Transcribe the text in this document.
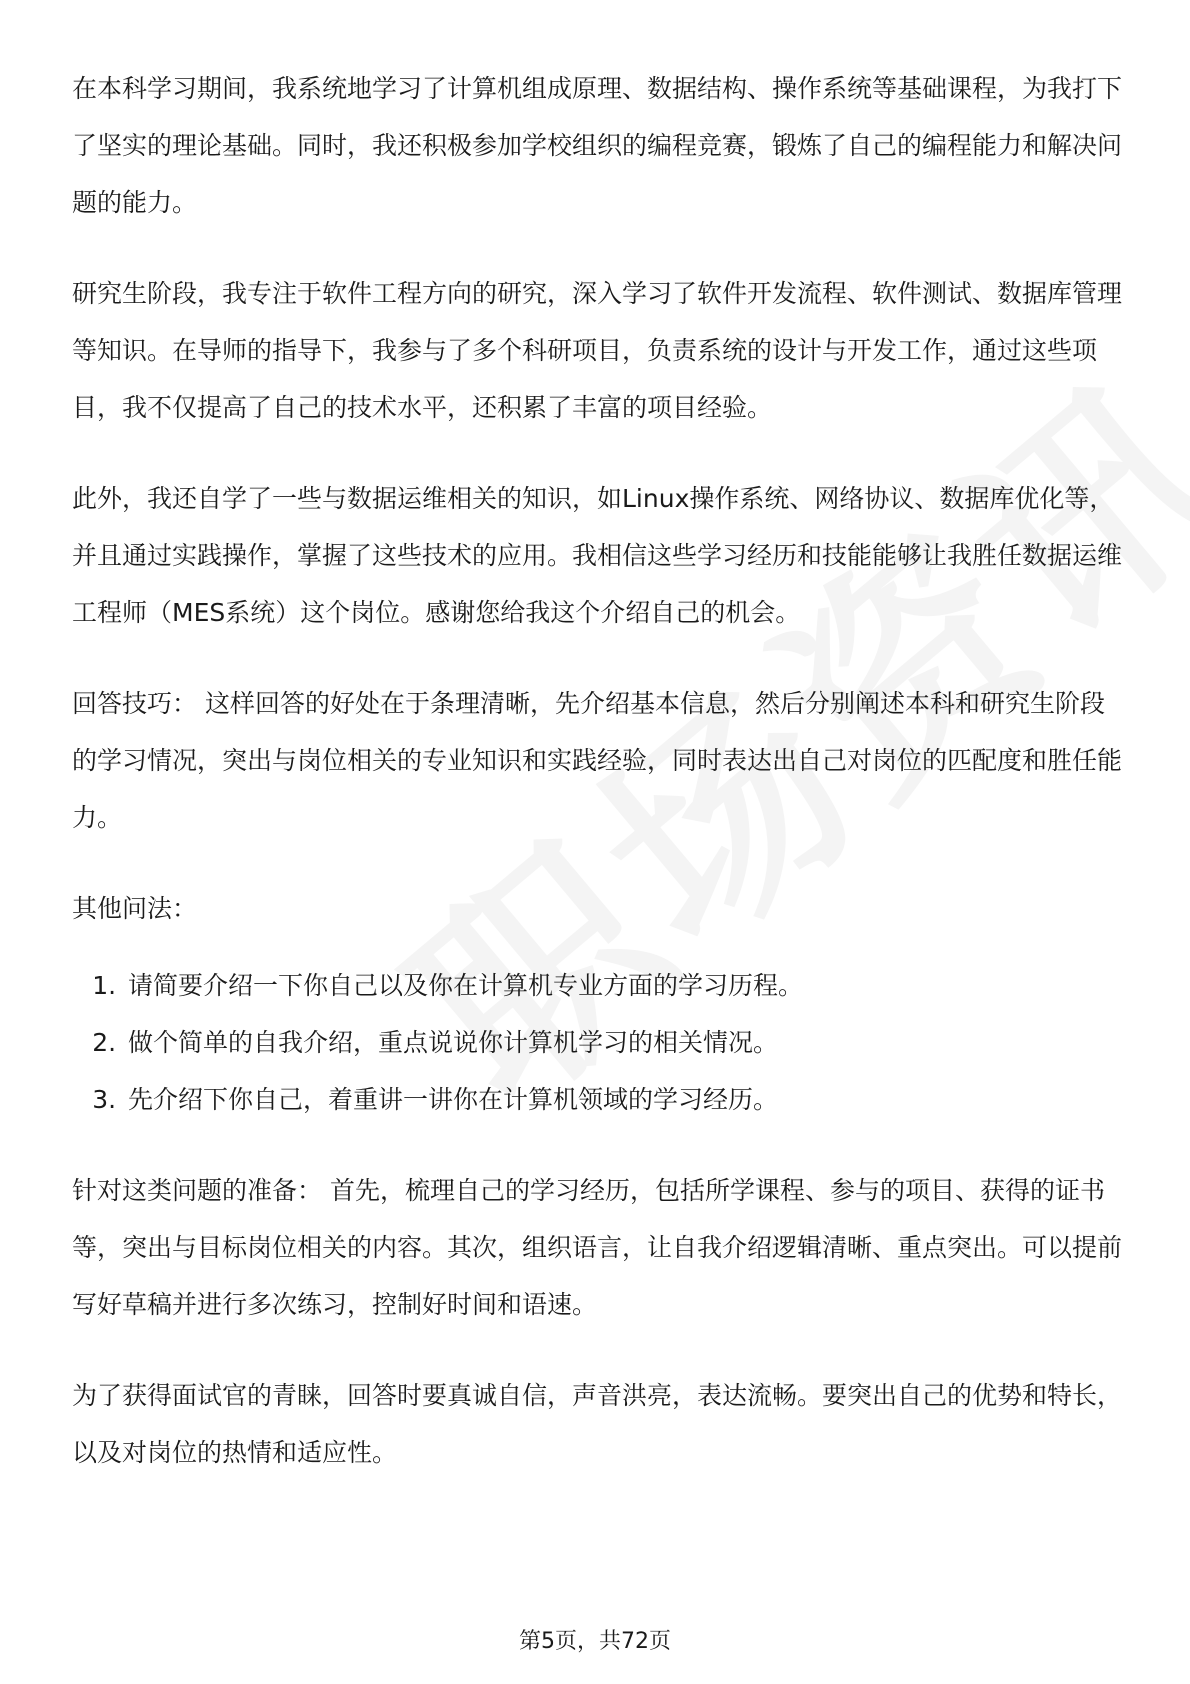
在本科学习期间，我系统地学习了计算机组成原理、数据结构、操作系统等基础课程，为我打下了坚实的理论基础。同时，我还积极参加学校组织的编程竞赛，锻炼了自己的编程能力和解决问题的能力。

研究生阶段，我专注于软件工程方向的研究，深入学习了软件开发流程、软件测试、数据库管理等知识。在导师的指导下，我参与了多个科研项目，负责系统的设计与开发工作，通过这些项目，我不仅提高了自己的技术水平，还积累了丰富的项目经验。

此外，我还自学了一些与数据运维相关的知识，如Linux操作系统、网络协议、数据库优化等，并且通过实践操作，掌握了这些技术的应用。我相信这些学习经历和技能能够让我胜任数据运维工程师（MES系统）这个岗位。感谢您给我这个介绍自己的机会。

回答技巧： 这样回答的好处在于条理清晰，先介绍基本信息，然后分别阐述本科和研究生阶段的学习情况，突出与岗位相关的专业知识和实践经验，同时表达出自己对岗位的匹配度和胜任能力。

其他问法：

1. 请简要介绍一下你自己以及你在计算机专业方面的学习历程。
2. 做个简单的自我介绍，重点说说你计算机学习的相关情况。
3. 先介绍下你自己，着重讲一讲你在计算机领域的学习经历。

针对这类问题的准备： 首先，梳理自己的学习经历，包括所学课程、参与的项目、获得的证书等，突出与目标岗位相关的内容。其次，组织语言，让自我介绍逻辑清晰、重点突出。可以提前写好草稿并进行多次练习，控制好时间和语速。

为了获得面试官的青睐，回答时要真诚自信，声音洪亮，表达流畅。要突出自己的优势和特长，以及对岗位的热情和适应性。

第5页，共72页
